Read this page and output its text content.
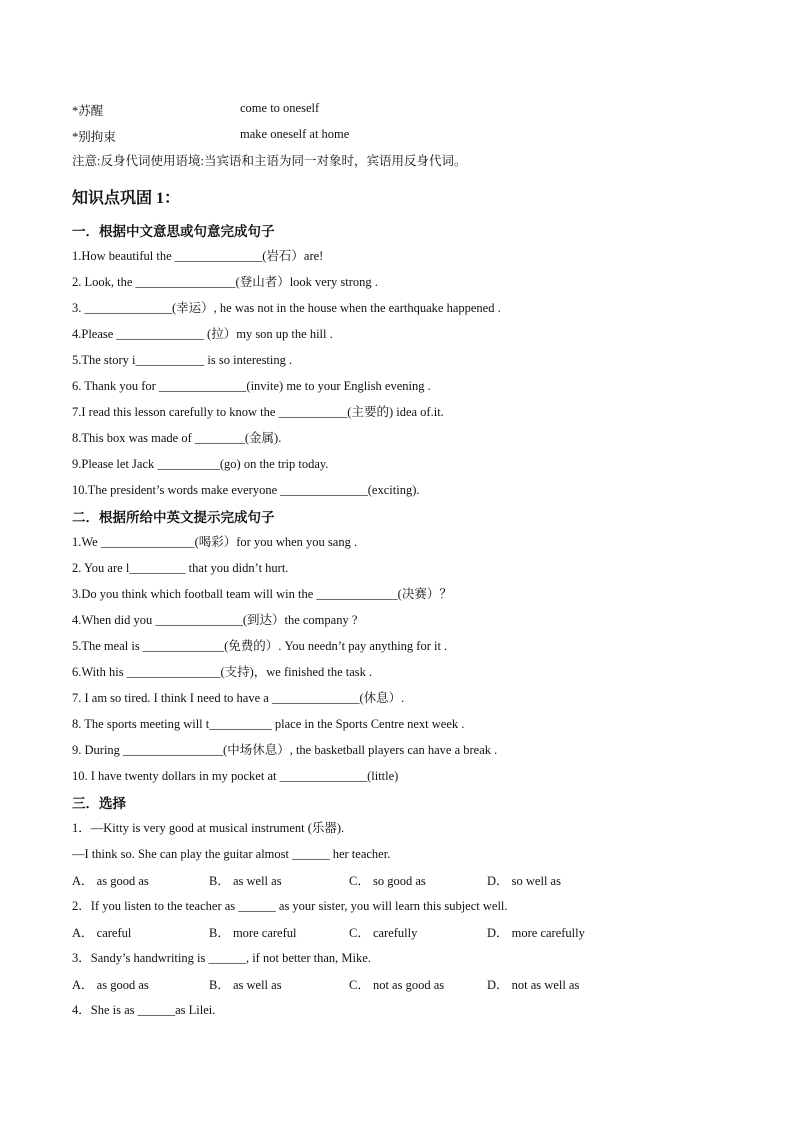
*苏醒	come to oneself
*别拘束	make oneself at home
注意:反身代词使用语境:当宾语和主语为同一对象时，宾语用反身代词。
知识点巩固 1：
一．根据中文意思或句意完成句子
1.How beautiful the ______________(岩石）are!
2. Look, the ________________(登山者）look very strong .
3. ______________(幸运）, he was not in the house when the earthquake happened .
4.Please ______________ (拉）my son up the hill .
5.The story i___________ is so interesting .
6. Thank you for ______________(invite) me to your English evening .
7.I read this lesson carefully to know the ___________(主要的) idea of.it.
8.This box was made of ________(金属).
9.Please let Jack __________(go) on the trip today.
10.The president’s words make everyone ______________(exciting).
二．根据所给中英文提示完成句子
1.We _______________(喝彩）for you when you sang .
2. You are l_________ that you didn’t hurt.
3.Do you think which football team will win the _____________(决赛）？
4.When did you ______________(到达）the company ?
5.The meal is _____________(免费的）. You needn’t pay anything for it .
6.With his _______________(支持)，we finished the task .
7. I am so tired. I think I need to have a ______________(休息）.
8. The sports meeting will t__________ place in the Sports Centre next week .
9. During ________________(中场休息）, the basketball players can have a break .
10. I have twenty dollars in my pocket at ______________(little)
三．选择
1．—Kitty is very good at musical instrument (乐器).
—I think so. She can play the guitar almost ______ her teacher.
A． as good as	B． as well as	C． so good as	D． so well as
2．If you listen to the teacher as ______ as your sister, you will learn this subject well.
A． careful	B． more careful	C． carefully	D． more carefully
3．Sandy’s handwriting is ______, if not better than, Mike.
A． as good as	B． as well as	C． not as good as	D． not as well as
4．She is as ______as Lilei.
